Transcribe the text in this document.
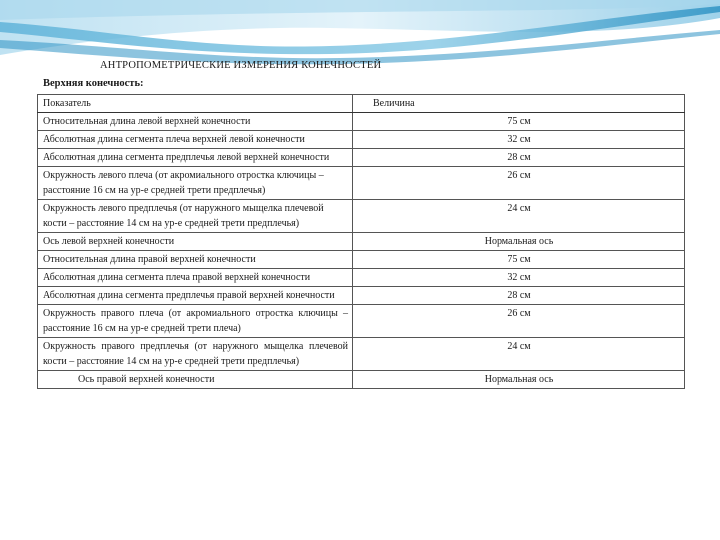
АНТРОПОМЕТРИЧЕСКИЕ ИЗМЕРЕНИЯ КОНЕЧНОСТЕЙ
Верхняя конечность:
Показатель	Величина
Относительная длина левой верхней конечности	75 см
Абсолютная длина сегмента плеча верхней левой конечности	32 см
Абсолютная длина сегмента предплечья левой верхней конечности	28 см
Окружность левого плеча (от акромиального отростка ключицы – расстояние 16 см на ур-е средней трети предплечья)	26 см
Окружность левого предплечья (от наружного мыщелка плечевой кости – расстояние 14 см на ур-е средней трети предплечья)	24 см
Ось левой верхней конечности	Нормальная ось
Относительная длина правой верхней конечности	75 см
Абсолютная длина сегмента плеча правой верхней конечности	32 см
Абсолютная длина сегмента предплечья правой верхней конечности	28 см
Окружность правого плеча (от акромиального отростка ключицы – расстояние 16 см на ур-е средней трети плеча)	26 см
Окружность правого предплечья (от наружного мыщелка плечевой кости – расстояние 14 см на ур-е средней трети предплечья)	24 см
Ось правой верхней конечности	Нормальная ось
